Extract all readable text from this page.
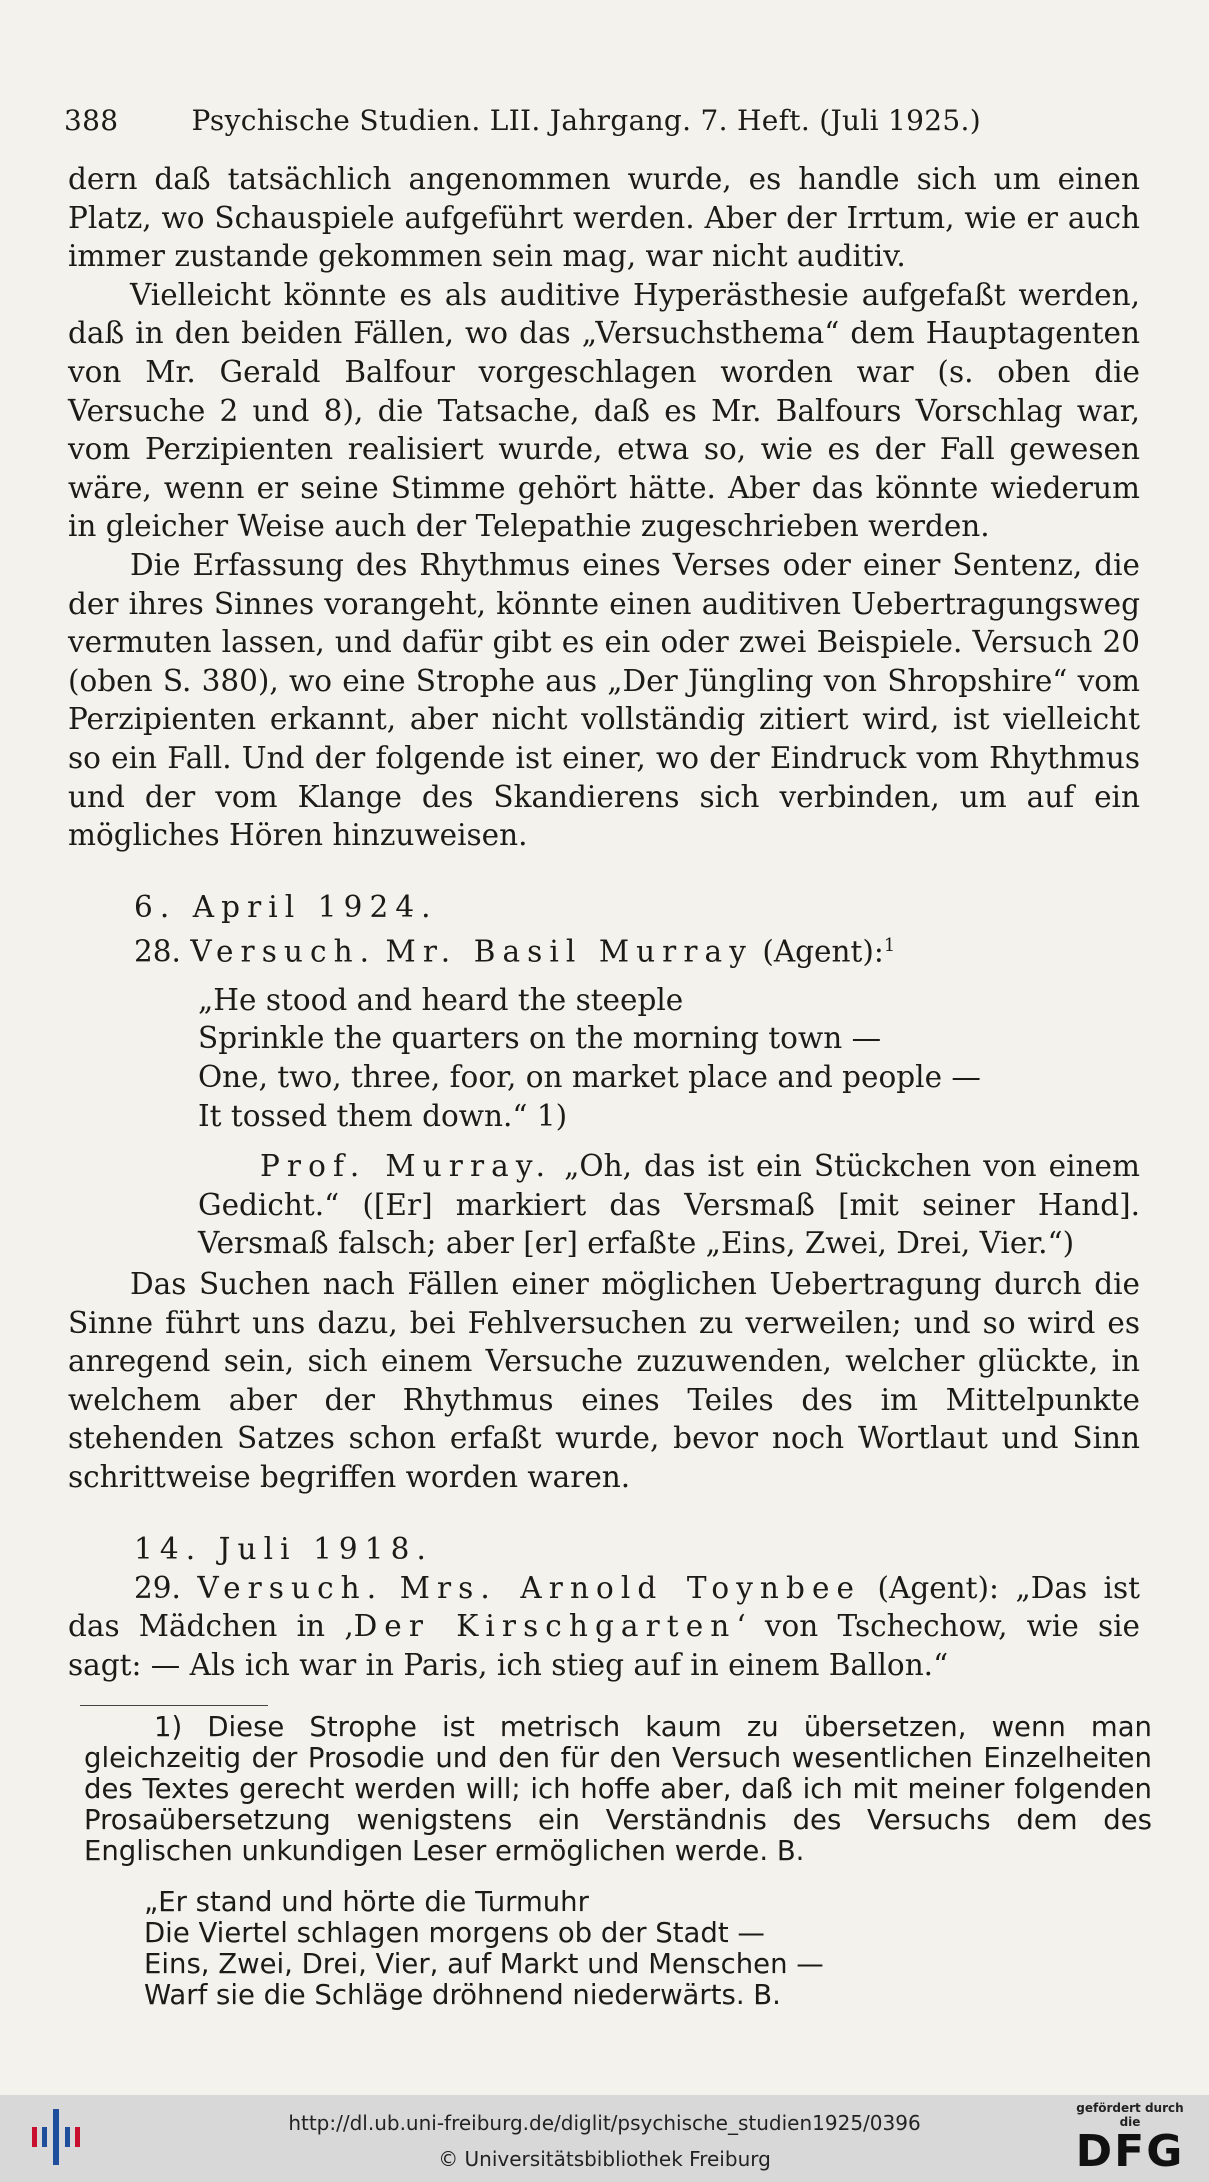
388	Psychische Studien. LII. Jahrgang. 7. Heft. (Juli 1925.)

dern daß tatsächlich angenommen wurde, es handle sich um einen Platz, wo Schauspiele aufgeführt werden. Aber der Irrtum, wie er auch immer zustande gekommen sein mag, war nicht auditiv.

Vielleicht könnte es als auditive Hyperästhesie aufgefaßt werden, daß in den beiden Fällen, wo das „Versuchsthema“ dem Hauptagenten von Mr. Gerald Balfour vorgeschlagen worden war (s. oben die Versuche 2 und 8), die Tatsache, daß es Mr. Balfours Vorschlag war, vom Perzipienten realisiert wurde, etwa so, wie es der Fall gewesen wäre, wenn er seine Stimme gehört hätte. Aber das könnte wiederum in gleicher Weise auch der Telepathie zugeschrieben werden.

Die Erfassung des Rhythmus eines Verses oder einer Sentenz, die der ihres Sinnes vorangeht, könnte einen auditiven Uebertragungsweg vermuten lassen, und dafür gibt es ein oder zwei Beispiele. Versuch 20 (oben S. 380), wo eine Strophe aus „Der Jüngling von Shropshire“ vom Perzipienten erkannt, aber nicht vollständig zitiert wird, ist vielleicht so ein Fall. Und der folgende ist einer, wo der Eindruck vom Rhythmus und der vom Klange des Skandierens sich verbinden, um auf ein mögliches Hören hinzuweisen.

6. April 1924.

28. Versuch. Mr. Basil Murray (Agent):$^1$

„He stood and heard the steeple
Sprinkle the quarters on the morning town —
One, two, three, foor, on market place and people —
It tossed them down.“ 1)

Prof. Murray. „Oh, das ist ein Stückchen von einem Gedicht.“ ([Er] markiert das Versmaß [mit seiner Hand]. Versmaß falsch; aber [er] erfaßte „Eins, Zwei, Drei, Vier.“)

Das Suchen nach Fällen einer möglichen Uebertragung durch die Sinne führt uns dazu, bei Fehlversuchen zu verweilen; und so wird es anregend sein, sich einem Versuche zuzuwenden, welcher glückte, in welchem aber der Rhythmus eines Teiles des im Mittelpunkte stehenden Satzes schon erfaßt wurde, bevor noch Wortlaut und Sinn schrittweise begriffen worden waren.

14. Juli 1918.

29. Versuch. Mrs. Arnold Toynbee (Agent): „Das ist das Mädchen in ‚Der Kirschgarten‘ von Tschechow, wie sie sagt: — Als ich war in Paris, ich stieg auf in einem Ballon.“

1) Diese Strophe ist metrisch kaum zu übersetzen, wenn man gleichzeitig der Prosodie und den für den Versuch wesentlichen Einzelheiten des Textes gerecht werden will; ich hoffe aber, daß ich mit meiner folgenden Prosaübersetzung wenigstens ein Verständnis des Versuchs dem des Englischen unkundigen Leser ermöglichen werde. B.

„Er stand und hörte die Turmuhr
Die Viertel schlagen morgens ob der Stadt —
Eins, Zwei, Drei, Vier, auf Markt und Menschen —
Warf sie die Schläge dröhnend niederwärts. B.
http://dl.ub.uni-freiburg.de/diglit/psychische_studien1925/0396
© Universitätsbibliothek Freiburg
gefördert durch die
DFG
